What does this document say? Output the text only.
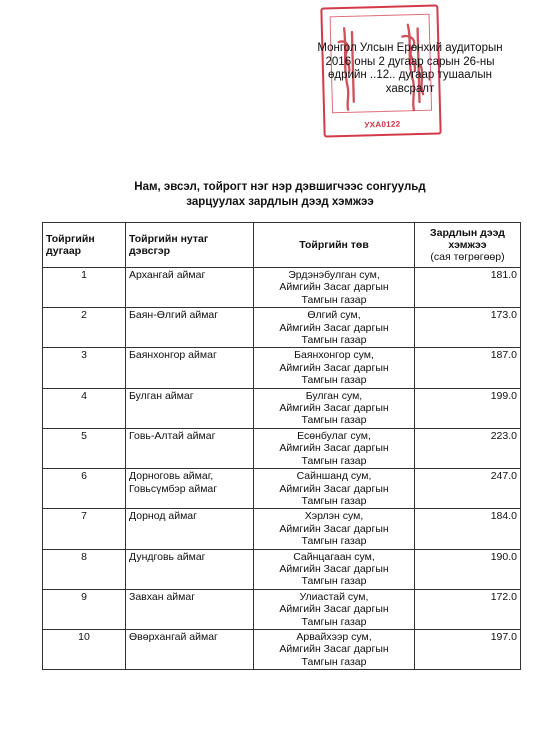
УХА0122
Монгол Улсын Ерөнхий аудиторын
2016 оны 2 дугаар сарын 26-ны
өдрийн ..12.. дугаар тушаалын
хавсралт
Нам, эвсэл, тойрогт нэг нэр дэвшигчээс сонгуульд
зарцуулах зардлын дээд хэмжээ
Тойргийн дугаар	Тойргийн нутаг дэвсгэр	Тойргийн төв	Зардлын дээд хэмжээ
(сая төгрөгөөр)

1	Архангай аймаг	Эрдэнэбулган сум,
Аймгийн Засаг даргын
Тамгын газар	181.0
2	Баян-Өлгий аймаг	Өлгий сум,
Аймгийн Засаг даргын
Тамгын газар	173.0
3	Баянхонгор аймаг	Баянхонгор сум,
Аймгийн Засаг даргын
Тамгын газар	187.0
4	Булган аймаг	Булган сум,
Аймгийн Засаг даргын
Тамгын газар	199.0
5	Говь-Алтай аймаг	Есөнбулаг сум,
Аймгийн Засаг даргын
Тамгын газар	223.0
6	Дорноговь аймаг, Говьсүмбэр аймаг	Сайншанд сум,
Аймгийн Засаг даргын
Тамгын газар	247.0
7	Дорнод аймаг	Хэрлэн сум,
Аймгийн Засаг даргын
Тамгын газар	184.0
8	Дундговь аймаг	Сайнцагаан сум,
Аймгийн Засаг даргын
Тамгын газар	190.0
9	Завхан аймаг	Улиастай сум,
Аймгийн Засаг даргын
Тамгын газар	172.0
10	Өвөрхангай аймаг	Арвайхээр сум,
Аймгийн Засаг даргын
Тамгын газар	197.0
